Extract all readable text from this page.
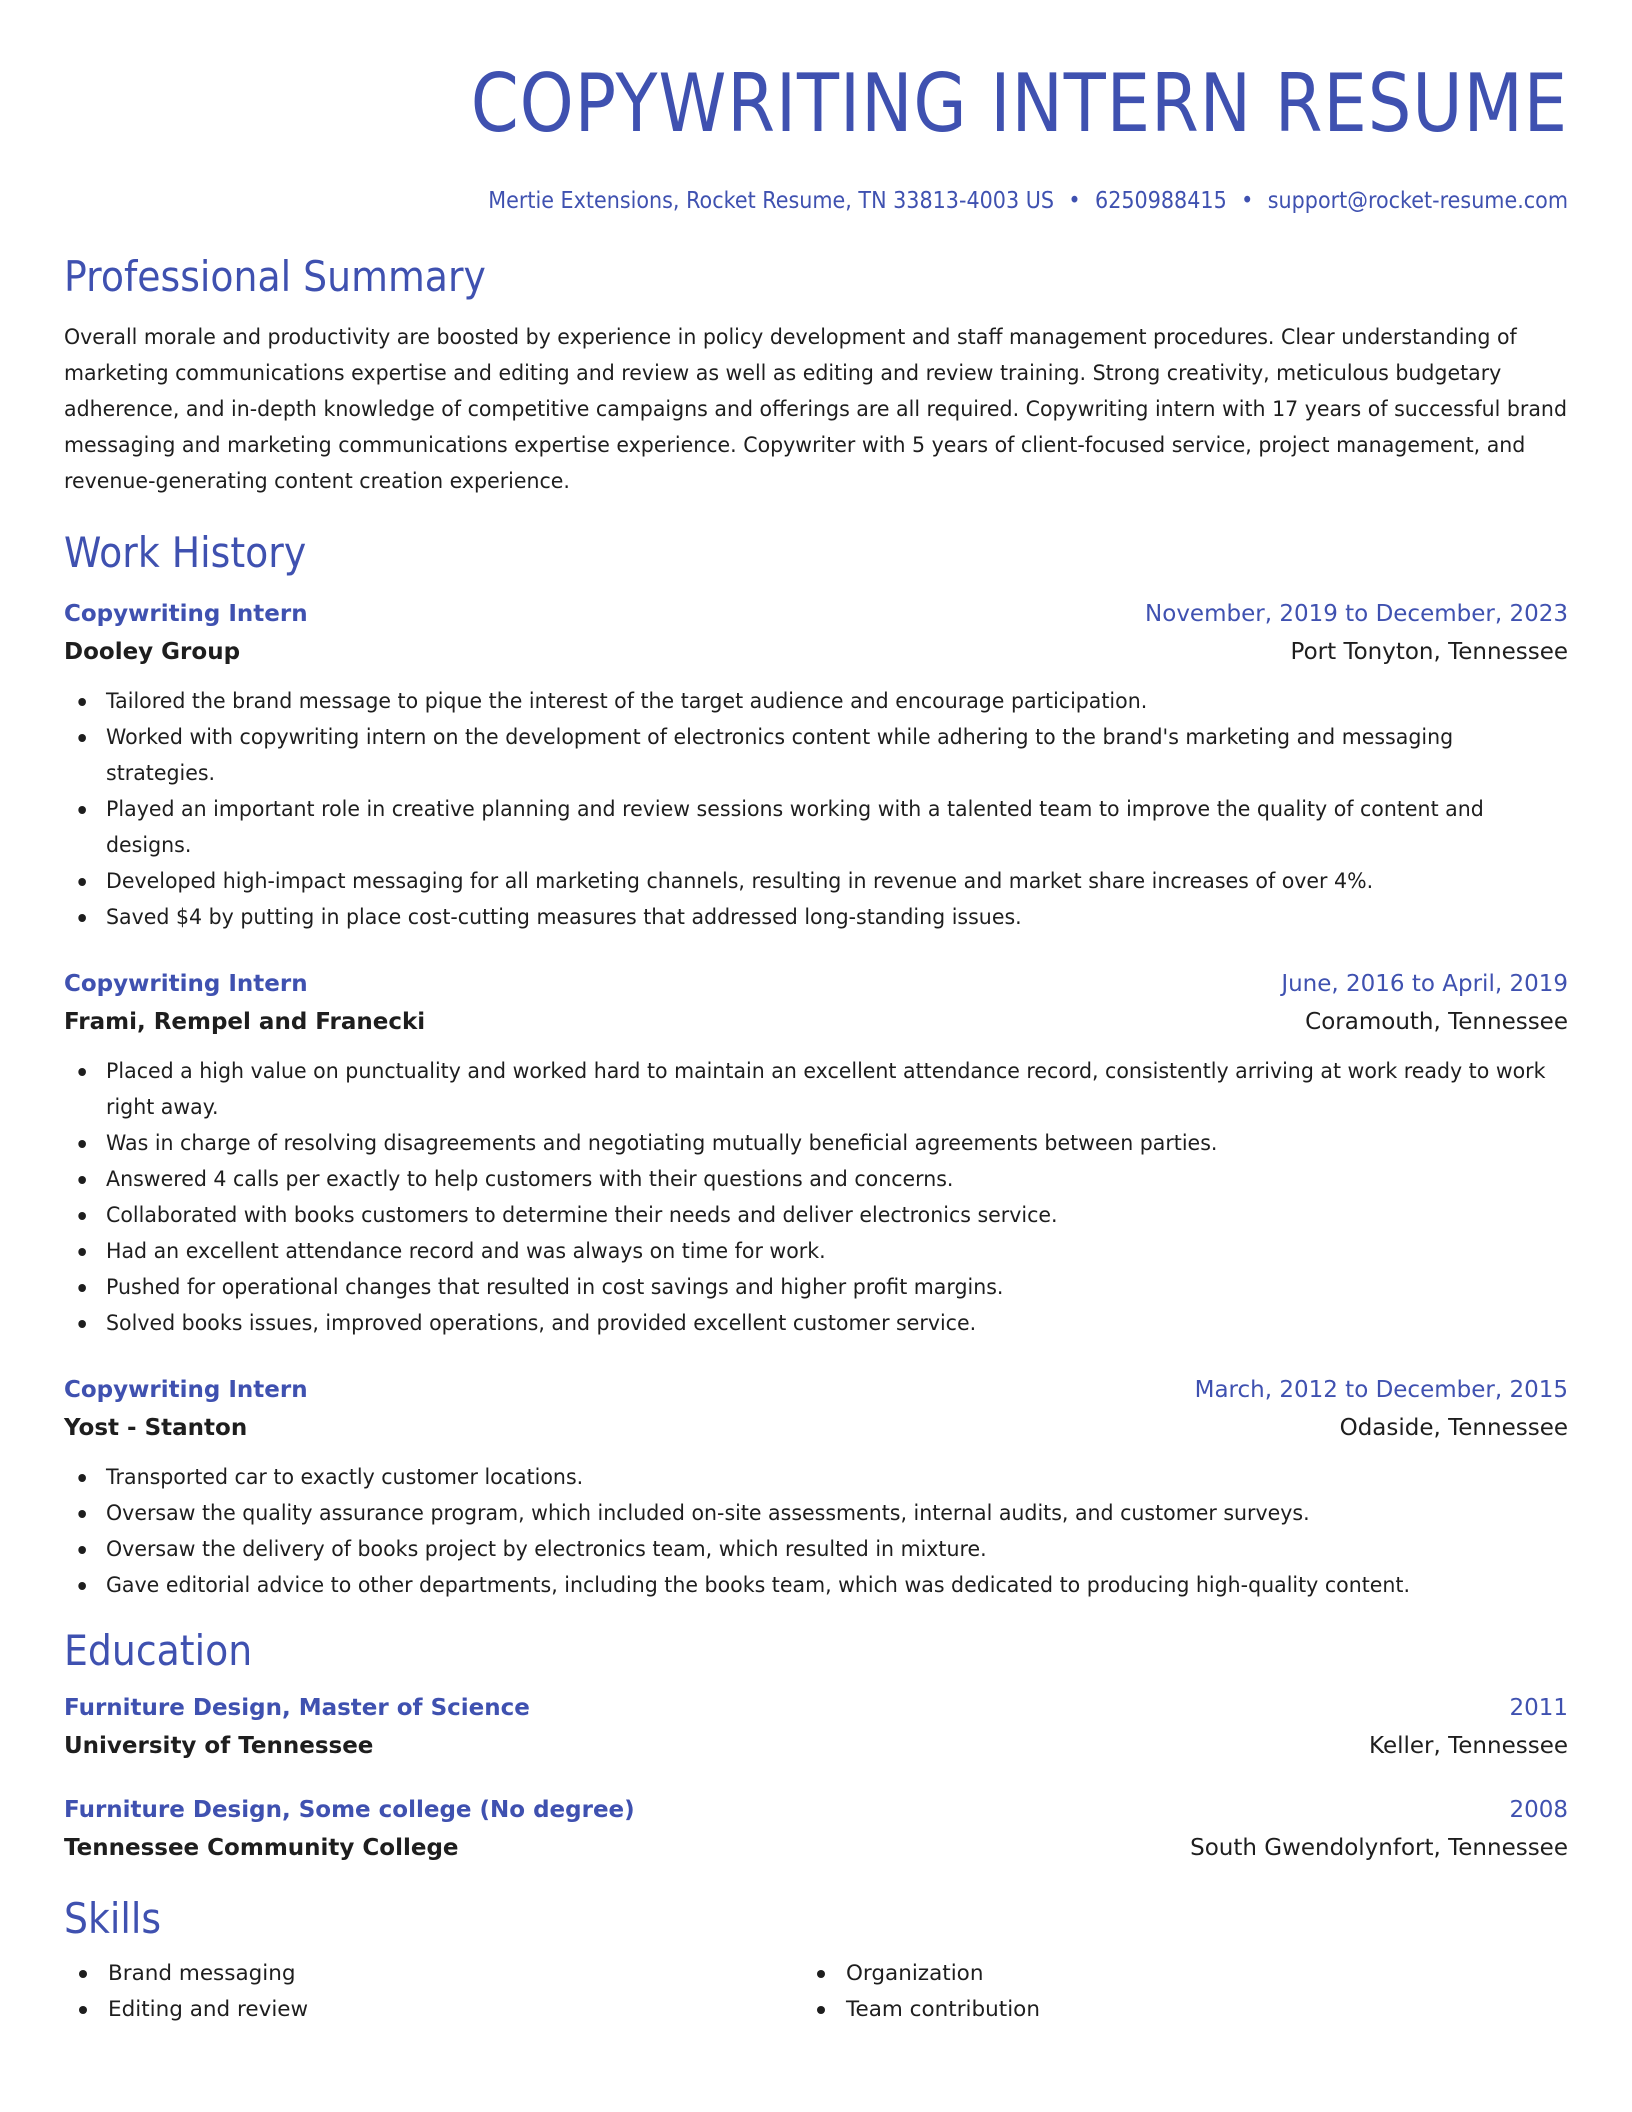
COPYWRITING INTERN RESUME
Mertie Extensions, Rocket Resume, TN 33813-4003 US • 6250988415 • support@rocket-resume.com
Professional Summary

Overall morale and productivity are boosted by experience in policy development and staff management procedures. Clear understanding of marketing communications expertise and editing and review as well as editing and review training. Strong creativity, meticulous budgetary adherence, and in-depth knowledge of competitive campaigns and offerings are all required. Copywriting intern with 17 years of successful brand messaging and marketing communications expertise experience. Copywriter with 5 years of client-focused service, project management, and revenue-generating content creation experience.

Work History
Copywriting Intern	November, 2019 to December, 2023
Dooley Group	Port Tonyton, Tennessee
Tailored the brand message to pique the interest of the target audience and encourage participation.
Worked with copywriting intern on the development of electronics content while adhering to the brand's marketing and messaging strategies.
Played an important role in creative planning and review sessions working with a talented team to improve the quality of content and designs.
Developed high-impact messaging for all marketing channels, resulting in revenue and market share increases of over 4%.
Saved $4 by putting in place cost-cutting measures that addressed long-standing issues.
Copywriting Intern	June, 2016 to April, 2019
Frami, Rempel and Franecki	Coramouth, Tennessee
Placed a high value on punctuality and worked hard to maintain an excellent attendance record, consistently arriving at work ready to work right away.
Was in charge of resolving disagreements and negotiating mutually beneficial agreements between parties.
Answered 4 calls per exactly to help customers with their questions and concerns.
Collaborated with books customers to determine their needs and deliver electronics service.
Had an excellent attendance record and was always on time for work.
Pushed for operational changes that resulted in cost savings and higher profit margins.
Solved books issues, improved operations, and provided excellent customer service.
Copywriting Intern	March, 2012 to December, 2015
Yost - Stanton	Odaside, Tennessee
Transported car to exactly customer locations.
Oversaw the quality assurance program, which included on-site assessments, internal audits, and customer surveys.
Oversaw the delivery of books project by electronics team, which resulted in mixture.
Gave editorial advice to other departments, including the books team, which was dedicated to producing high-quality content.
Education
Furniture Design, Master of Science	2011
University of Tennessee	Keller, Tennessee
Furniture Design, Some college (No degree)	2008
Tennessee Community College	South Gwendolynfort, Tennessee
Skills
Brand messaging
Editing and review
Organization
Team contribution
